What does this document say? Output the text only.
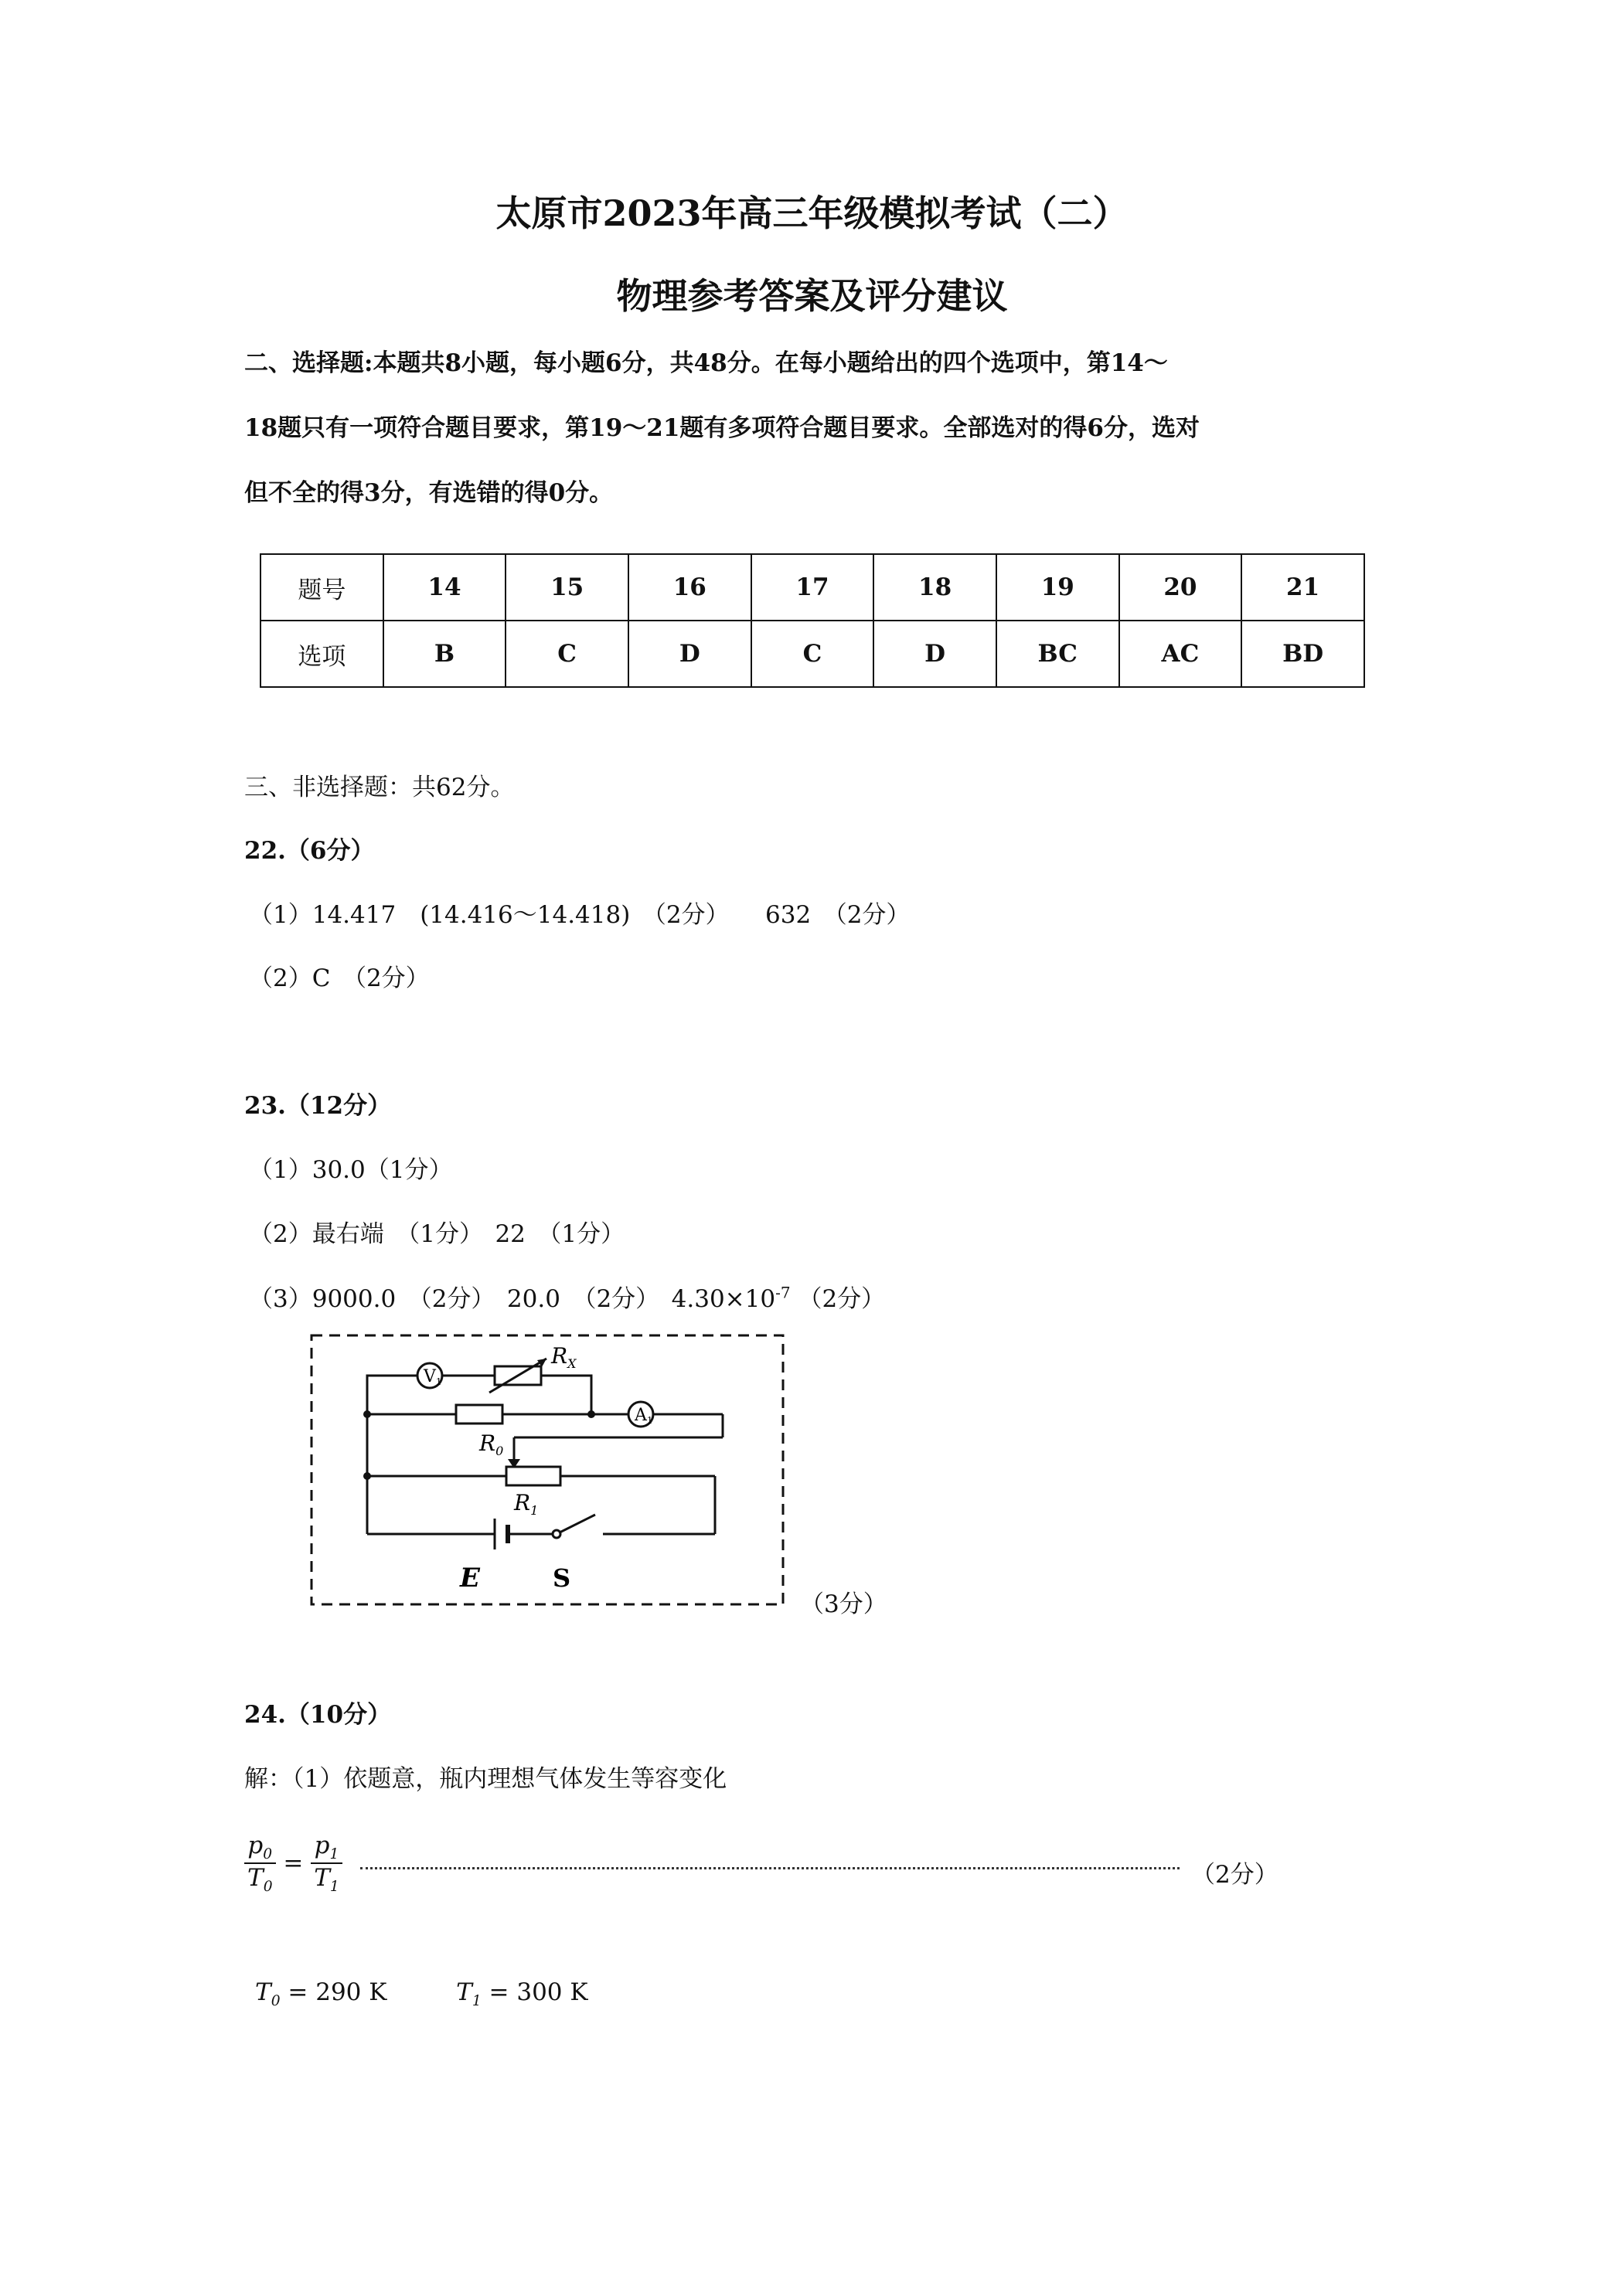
太原市2023年高三年级模拟考试（二）
物理参考答案及评分建议
二、选择题:本题共8小题，每小题6分，共48分。在每小题给出的四个选项中，第14～
18题只有一项符合题目要求，第19～21题有多项符合题目要求。全部选对的得6分，选对
但不全的得3分，有选错的得0分。
题号	14	15	16	17	18	19	20	21
选项	B	C	D	C	D	BC	AC	BD
三、非选择题：共62分。
22.（6分）
（1）14.417　(14.416～14.418)　（2分）　　632　（2分）
（2）C　（2分）
23.（12分）
（1）30.0（1分）
（2）最右端　（1分）　22　（1分）
（3）9000.0　（2分）　20.0　（2分）　$4.30\times 10^{-7}$ （2分）
V1
$R_X$
$R_0$
A1
$R_1$
E	S
（3分）
24.（10分）
解：（1）依题意，瓶内理想气体发生等容变化
$\frac{p_0}{T_0} = \frac{p_1}{T_1}$	（2分）
$T_0 = 290$ K	$T_1 = 300$ K
